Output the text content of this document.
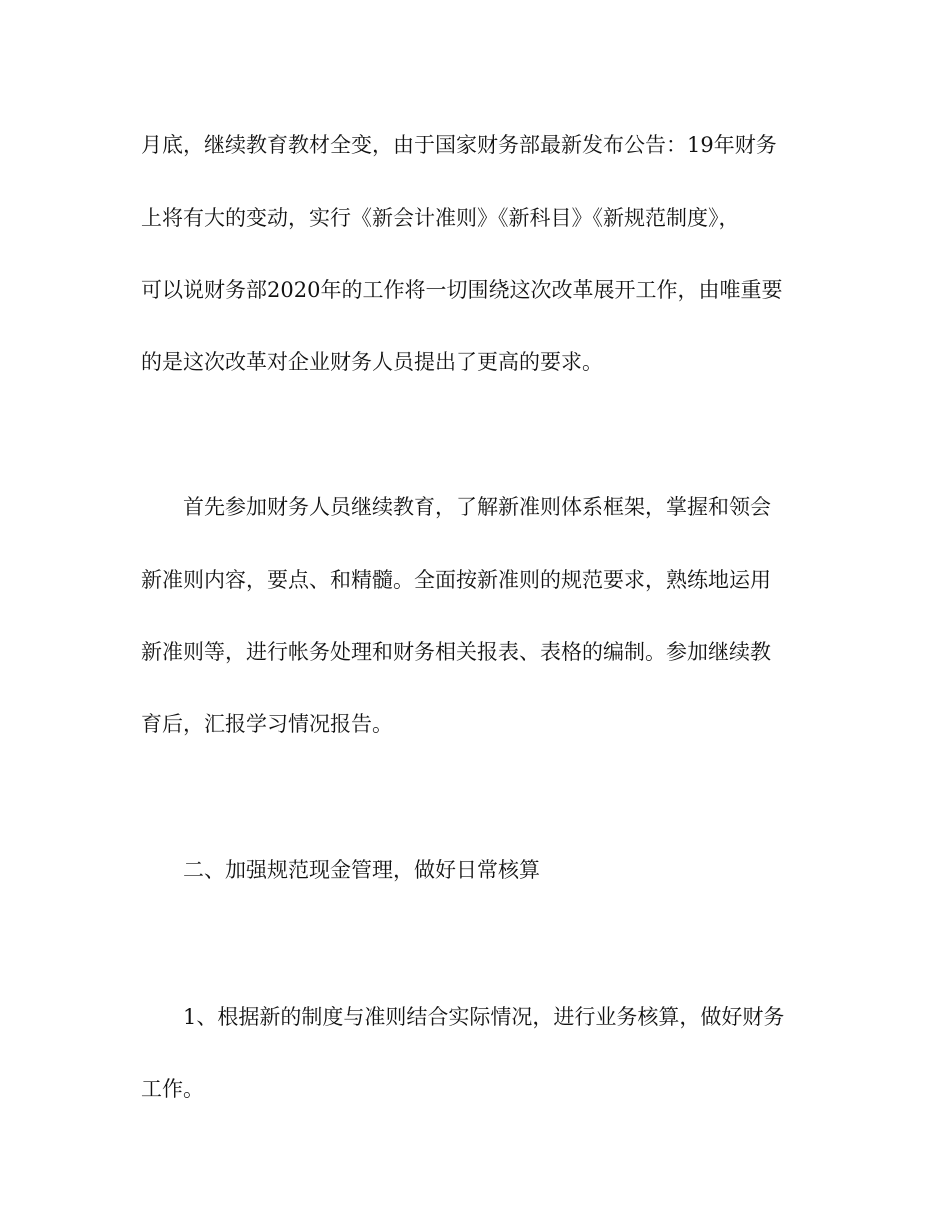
月底，继续教育教材全变，由于国家财务部最新发布公告：19年财务
上将有大的变动，实行《新会计准则》《新科目》《新规范制度》，
可以说财务部2020年的工作将一切围绕这次改革展开工作，由唯重要
的是这次改革对企业财务人员提出了更高的要求。
首先参加财务人员继续教育，了解新准则体系框架，掌握和领会
新准则内容，要点、和精髓。全面按新准则的规范要求，熟练地运用
新准则等，进行帐务处理和财务相关报表、表格的编制。参加继续教
育后，汇报学习情况报告。
二、加强规范现金管理，做好日常核算
1、根据新的制度与准则结合实际情况，进行业务核算，做好财务
工作。
